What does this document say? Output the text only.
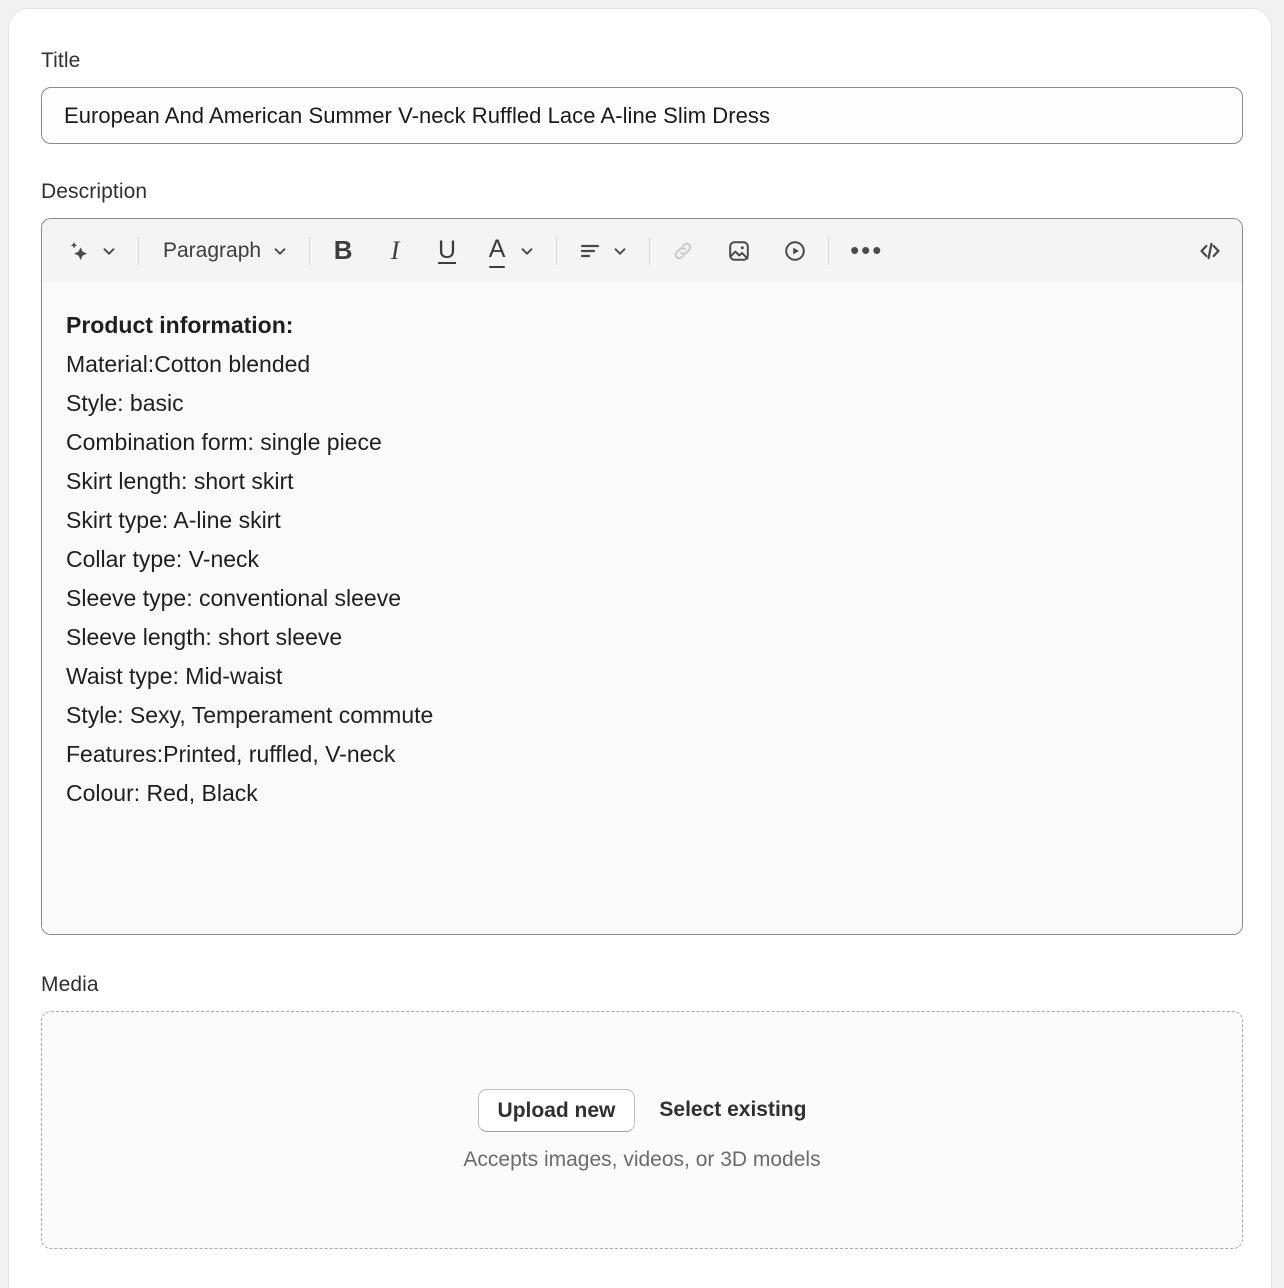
Title
European And American Summer V-neck Ruffled Lace A-line Slim Dress
Description
Paragraph	B I U A	•••

Product information:

Material:Cotton blended

Style: basic

Combination form: single piece

Skirt length: short skirt

Skirt type: A-line skirt

Collar type: V-neck

Sleeve type: conventional sleeve

Sleeve length: short sleeve

Waist type: Mid-waist

Style: Sexy, Temperament commute

Features:Printed, ruffled, V-neck

Colour: Red, Black

Media
Upload new	Select existing
Accepts images, videos, or 3D models
